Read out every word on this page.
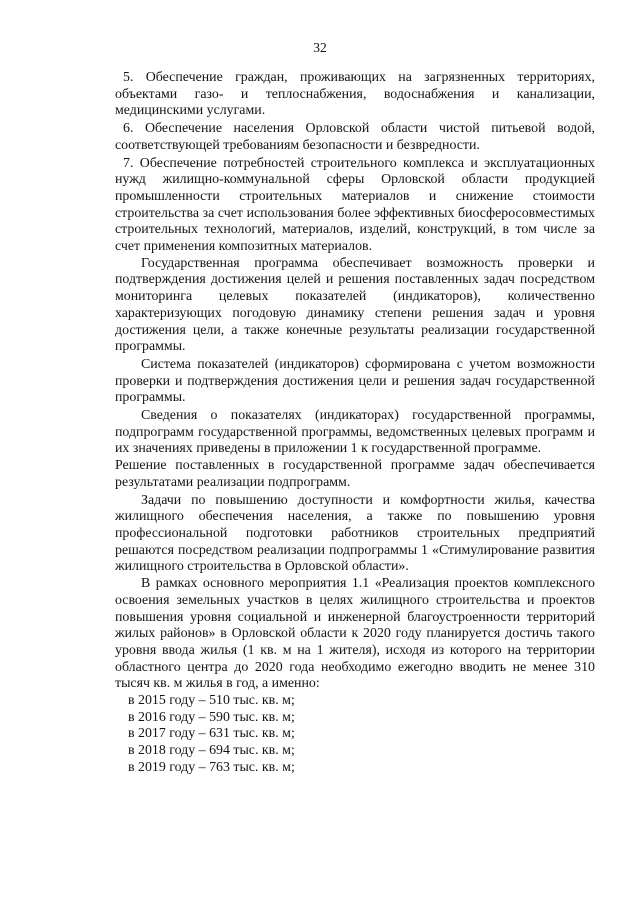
32

5. Обеспечение граждан, проживающих на загрязненных территориях, объектами газо- и теплоснабжения, водоснабжения и канализации, медицинскими услугами.

6. Обеспечение населения Орловской области чистой питьевой водой, соответствующей требованиям безопасности и безвредности.

7. Обеспечение потребностей строительного комплекса и эксплуатационных нужд жилищно-коммунальной сферы Орловской области продукцией промышленности строительных материалов и снижение стоимости строительства за счет использования более эффективных биосферосовместимых строительных технологий, материалов, изделий, конструкций, в том числе за счет применения композитных материалов.

Государственная программа обеспечивает возможность проверки и подтверждения достижения целей и решения поставленных задач посредством мониторинга целевых показателей (индикаторов), количественно характеризующих погодовую динамику степени решения задач и уровня достижения цели, а также конечные результаты реализации государственной программы.

Система показателей (индикаторов) сформирована с учетом возможности проверки и подтверждения достижения цели и решения задач государственной программы.

Сведения о показателях (индикаторах) государственной программы, подпрограмм государственной программы, ведомственных целевых программ и их значениях приведены в приложении 1 к государственной программе.

Решение поставленных в государственной программе задач обеспечивается результатами реализации подпрограмм.

Задачи по повышению доступности и комфортности жилья, качества жилищного обеспечения населения, а также по повышению уровня профессиональной подготовки работников строительных предприятий решаются посредством реализации подпрограммы 1 «Стимулирование развития жилищного строительства в Орловской области».

В рамках основного мероприятия 1.1 «Реализация проектов комплексного освоения земельных участков в целях жилищного строительства и проектов повышения уровня социальной и инженерной благоустроенности территорий жилых районов» в Орловской области к 2020 году планируется достичь такого уровня ввода жилья (1 кв. м на 1 жителя), исходя из которого на территории областного центра до 2020 года необходимо ежегодно вводить не менее 310 тысяч кв. м жилья в год, а именно:

в 2015 году – 510 тыс. кв. м;
в 2016 году – 590 тыс. кв. м;
в 2017 году – 631 тыс. кв. м;
в 2018 году – 694 тыс. кв. м;
в 2019 году – 763 тыс. кв. м;
